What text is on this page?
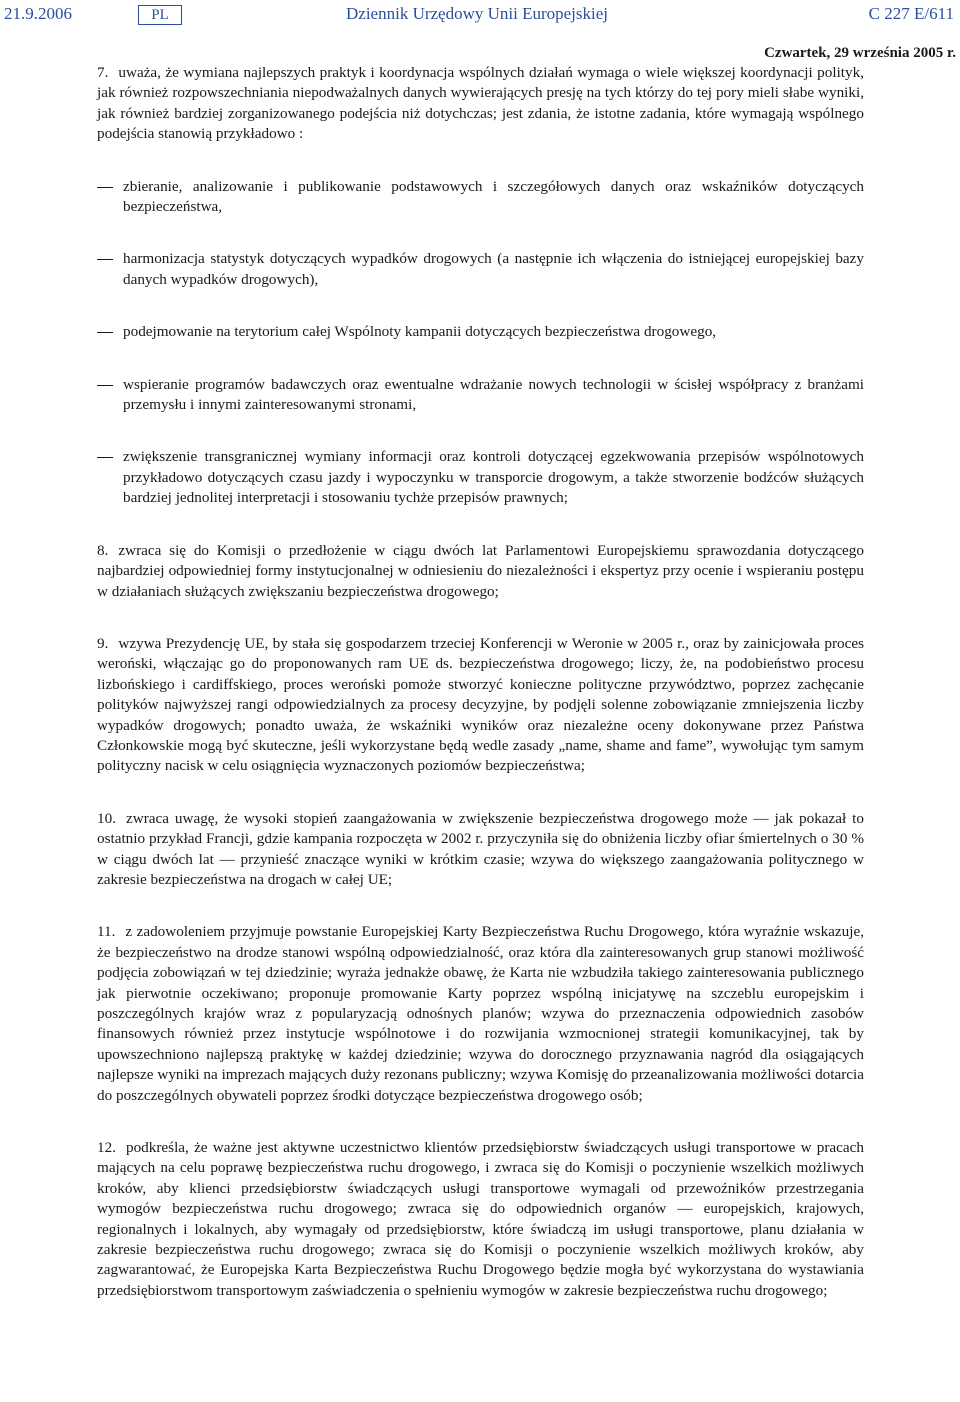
21.9.2006	PL	Dziennik Urzędowy Unii Europejskiej	C 227 E/611
Czwartek, 29 września 2005 r.

7. uważa, że wymiana najlepszych praktyk i koordynacja wspólnych działań wymaga o wiele większej koordynacji polityk, jak również rozpowszechniania niepodważalnych danych wywierających presję na tych którzy do tej pory mieli słabe wyniki, jak również bardziej zorganizowanego podejścia niż dotychczas; jest zdania, że istotne zadania, które wymagają wspólnego podejścia stanowią przykładowo :

zbieranie, analizowanie i publikowanie podstawowych i szczegółowych danych oraz wskaźników dotyczących bezpieczeństwa,

harmonizacja statystyk dotyczących wypadków drogowych (a następnie ich włączenia do istniejącej europejskiej bazy danych wypadków drogowych),

podejmowanie na terytorium całej Wspólnoty kampanii dotyczących bezpieczeństwa drogowego,

wspieranie programów badawczych oraz ewentualne wdrażanie nowych technologii w ścisłej współpracy z branżami przemysłu i innymi zainteresowanymi stronami,

zwiększenie transgranicznej wymiany informacji oraz kontroli dotyczącej egzekwowania przepisów wspólnotowych przykładowo dotyczących czasu jazdy i wypoczynku w transporcie drogowym, a także stworzenie bodźców służących bardziej jednolitej interpretacji i stosowaniu tychże przepisów prawnych;

8. zwraca się do Komisji o przedłożenie w ciągu dwóch lat Parlamentowi Europejskiemu sprawozdania dotyczącego najbardziej odpowiedniej formy instytucjonalnej w odniesieniu do niezależności i ekspertyz przy ocenie i wspieraniu postępu w działaniach służących zwiększaniu bezpieczeństwa drogowego;

9. wzywa Prezydencję UE, by stała się gospodarzem trzeciej Konferencji w Weronie w 2005 r., oraz by zainicjowała proces weroński, włączając go do proponowanych ram UE ds. bezpieczeństwa drogowego; liczy, że, na podobieństwo procesu lizbońskiego i cardiffskiego, proces weroński pomoże stworzyć konieczne polityczne przywództwo, poprzez zachęcanie polityków najwyższej rangi odpowiedzialnych za procesy decyzyjne, by podjęli solenne zobowiązanie zmniejszenia liczby wypadków drogowych; ponadto uważa, że wskaźniki wyników oraz niezależne oceny dokonywane przez Państwa Członkowskie mogą być skuteczne, jeśli wykorzystane będą wedle zasady „name, shame and fame”, wywołując tym samym polityczny nacisk w celu osiągnięcia wyznaczonych poziomów bezpieczeństwa;

10. zwraca uwagę, że wysoki stopień zaangażowania w zwiększenie bezpieczeństwa drogowego może — jak pokazał to ostatnio przykład Francji, gdzie kampania rozpoczęta w 2002 r. przyczyniła się do obniżenia liczby ofiar śmiertelnych o 30 % w ciągu dwóch lat — przynieść znaczące wyniki w krótkim czasie; wzywa do większego zaangażowania politycznego w zakresie bezpieczeństwa na drogach w całej UE;

11. z zadowoleniem przyjmuje powstanie Europejskiej Karty Bezpieczeństwa Ruchu Drogowego, która wyraźnie wskazuje, że bezpieczeństwo na drodze stanowi wspólną odpowiedzialność, oraz która dla zainteresowanych grup stanowi możliwość podjęcia zobowiązań w tej dziedzinie; wyraża jednakże obawę, że Karta nie wzbudziła takiego zainteresowania publicznego jak pierwotnie oczekiwano; proponuje promowanie Karty poprzez wspólną inicjatywę na szczeblu europejskim i poszczególnych krajów wraz z popularyzacją odnośnych planów; wzywa do przeznaczenia odpowiednich zasobów finansowych również przez instytucje wspólnotowe i do rozwijania wzmocnionej strategii komunikacyjnej, tak by upowszechniono najlepszą praktykę w każdej dziedzinie; wzywa do dorocznego przyznawania nagród dla osiągających najlepsze wyniki na imprezach mających duży rezonans publiczny; wzywa Komisję do przeanalizowania możliwości dotarcia do poszczególnych obywateli poprzez środki dotyczące bezpieczeństwa drogowego osób;

12. podkreśla, że ważne jest aktywne uczestnictwo klientów przedsiębiorstw świadczących usługi transportowe w pracach mających na celu poprawę bezpieczeństwa ruchu drogowego, i zwraca się do Komisji o poczynienie wszelkich możliwych kroków, aby klienci przedsiębiorstw świadczących usługi transportowe wymagali od przewoźników przestrzegania wymogów bezpieczeństwa ruchu drogowego; zwraca się do odpowiednich organów — europejskich, krajowych, regionalnych i lokalnych, aby wymagały od przedsiębiorstw, które świadczą im usługi transportowe, planu działania w zakresie bezpieczeństwa ruchu drogowego; zwraca się do Komisji o poczynienie wszelkich możliwych kroków, aby zagwarantować, że Europejska Karta Bezpieczeństwa Ruchu Drogowego będzie mogła być wykorzystana do wystawiania przedsiębiorstwom transportowym zaświadczenia o spełnieniu wymogów w zakresie bezpieczeństwa ruchu drogowego;
